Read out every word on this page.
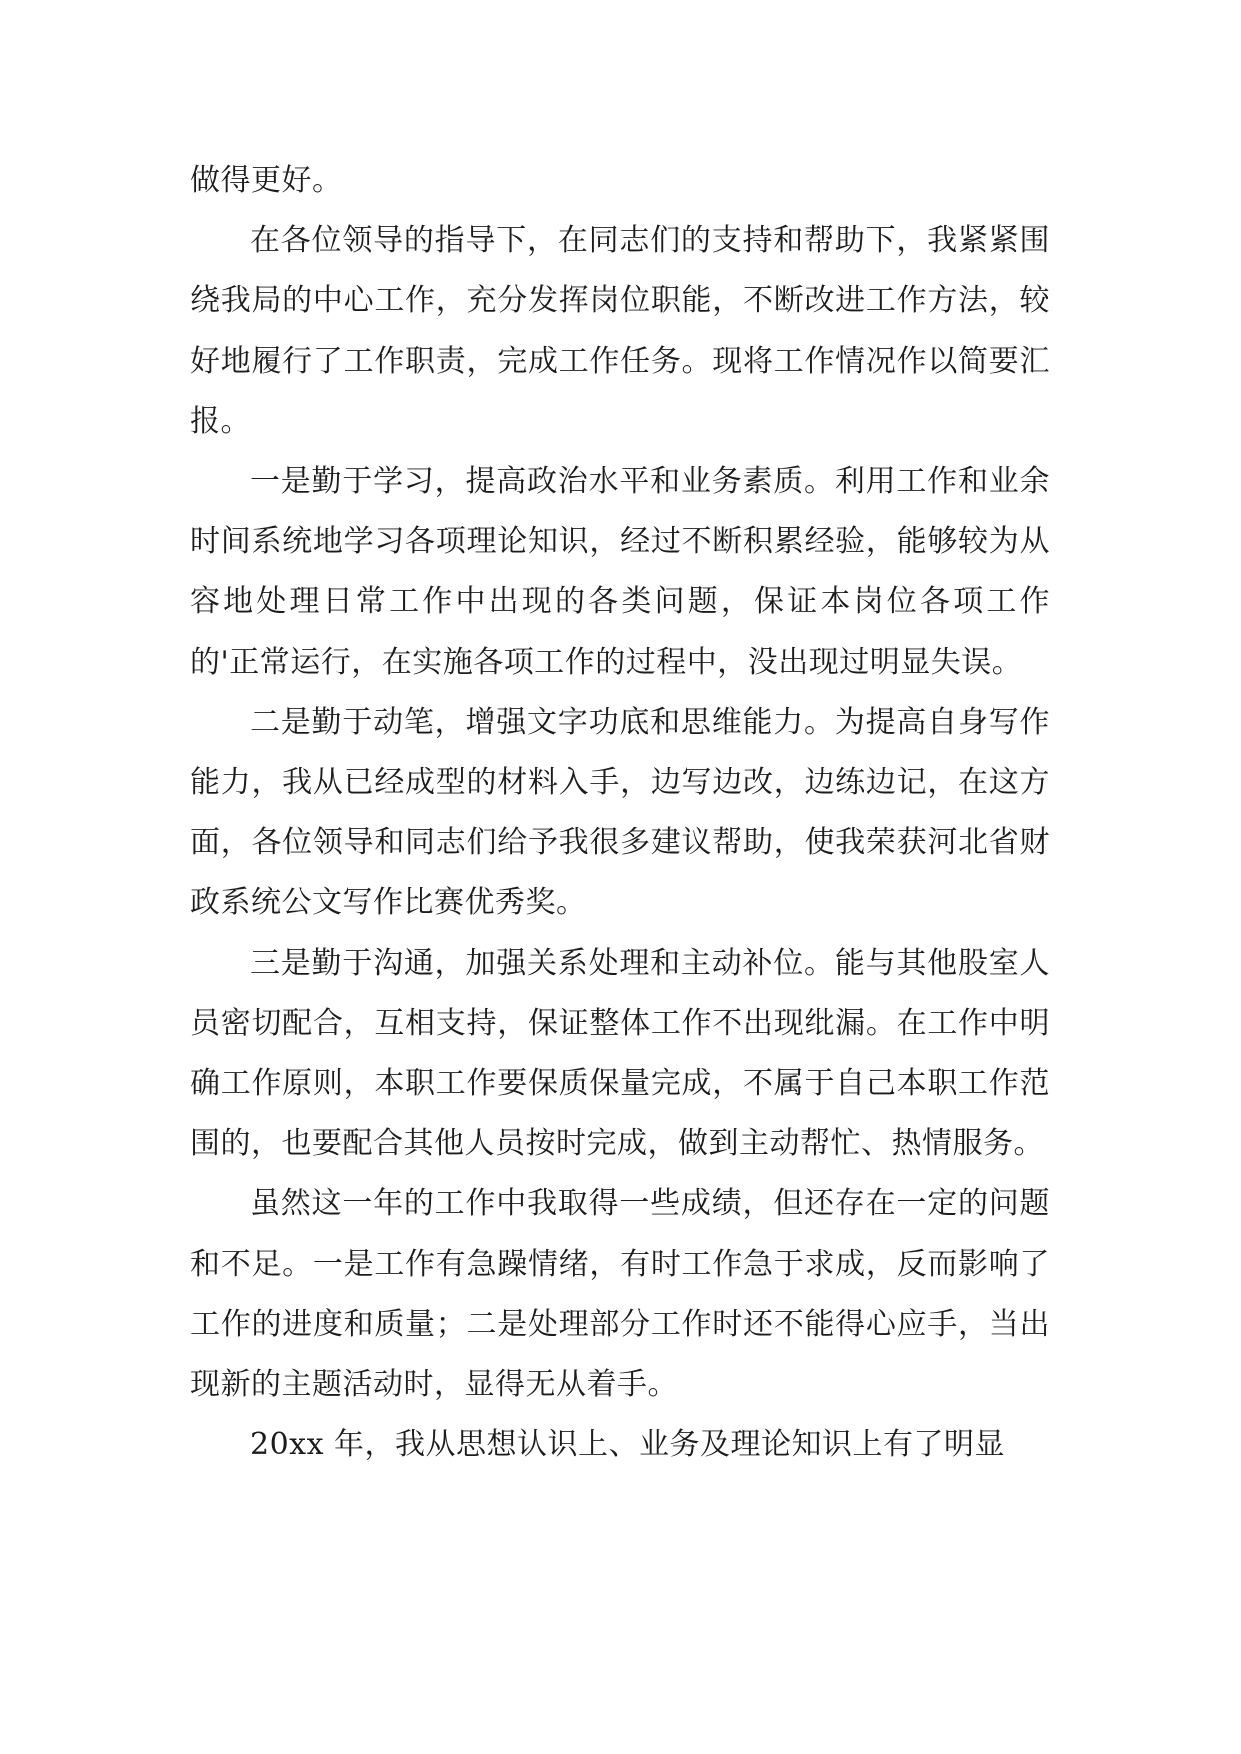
做得更好。

在各位领导的指导下，在同志们的支持和帮助下，我紧紧围绕我局的中心工作，充分发挥岗位职能，不断改进工作方法，较好地履行了工作职责，完成工作任务。现将工作情况作以简要汇报。

一是勤于学习，提高政治水平和业务素质。利用工作和业余时间系统地学习各项理论知识，经过不断积累经验，能够较为从容地处理日常工作中出现的各类问题，保证本岗位各项工作的'正常运行，在实施各项工作的过程中，没出现过明显失误。

二是勤于动笔，增强文字功底和思维能力。为提高自身写作能力，我从已经成型的材料入手，边写边改，边练边记，在这方面，各位领导和同志们给予我很多建议帮助，使我荣获河北省财政系统公文写作比赛优秀奖。

三是勤于沟通，加强关系处理和主动补位。能与其他股室人员密切配合，互相支持，保证整体工作不出现纰漏。在工作中明确工作原则，本职工作要保质保量完成，不属于自己本职工作范围的，也要配合其他人员按时完成，做到主动帮忙、热情服务。

虽然这一年的工作中我取得一些成绩，但还存在一定的问题和不足。一是工作有急躁情绪，有时工作急于求成，反而影响了工作的进度和质量；二是处理部分工作时还不能得心应手，当出现新的主题活动时，显得无从着手。

20xx 年，我从思想认识上、业务及理论知识上有了明显
